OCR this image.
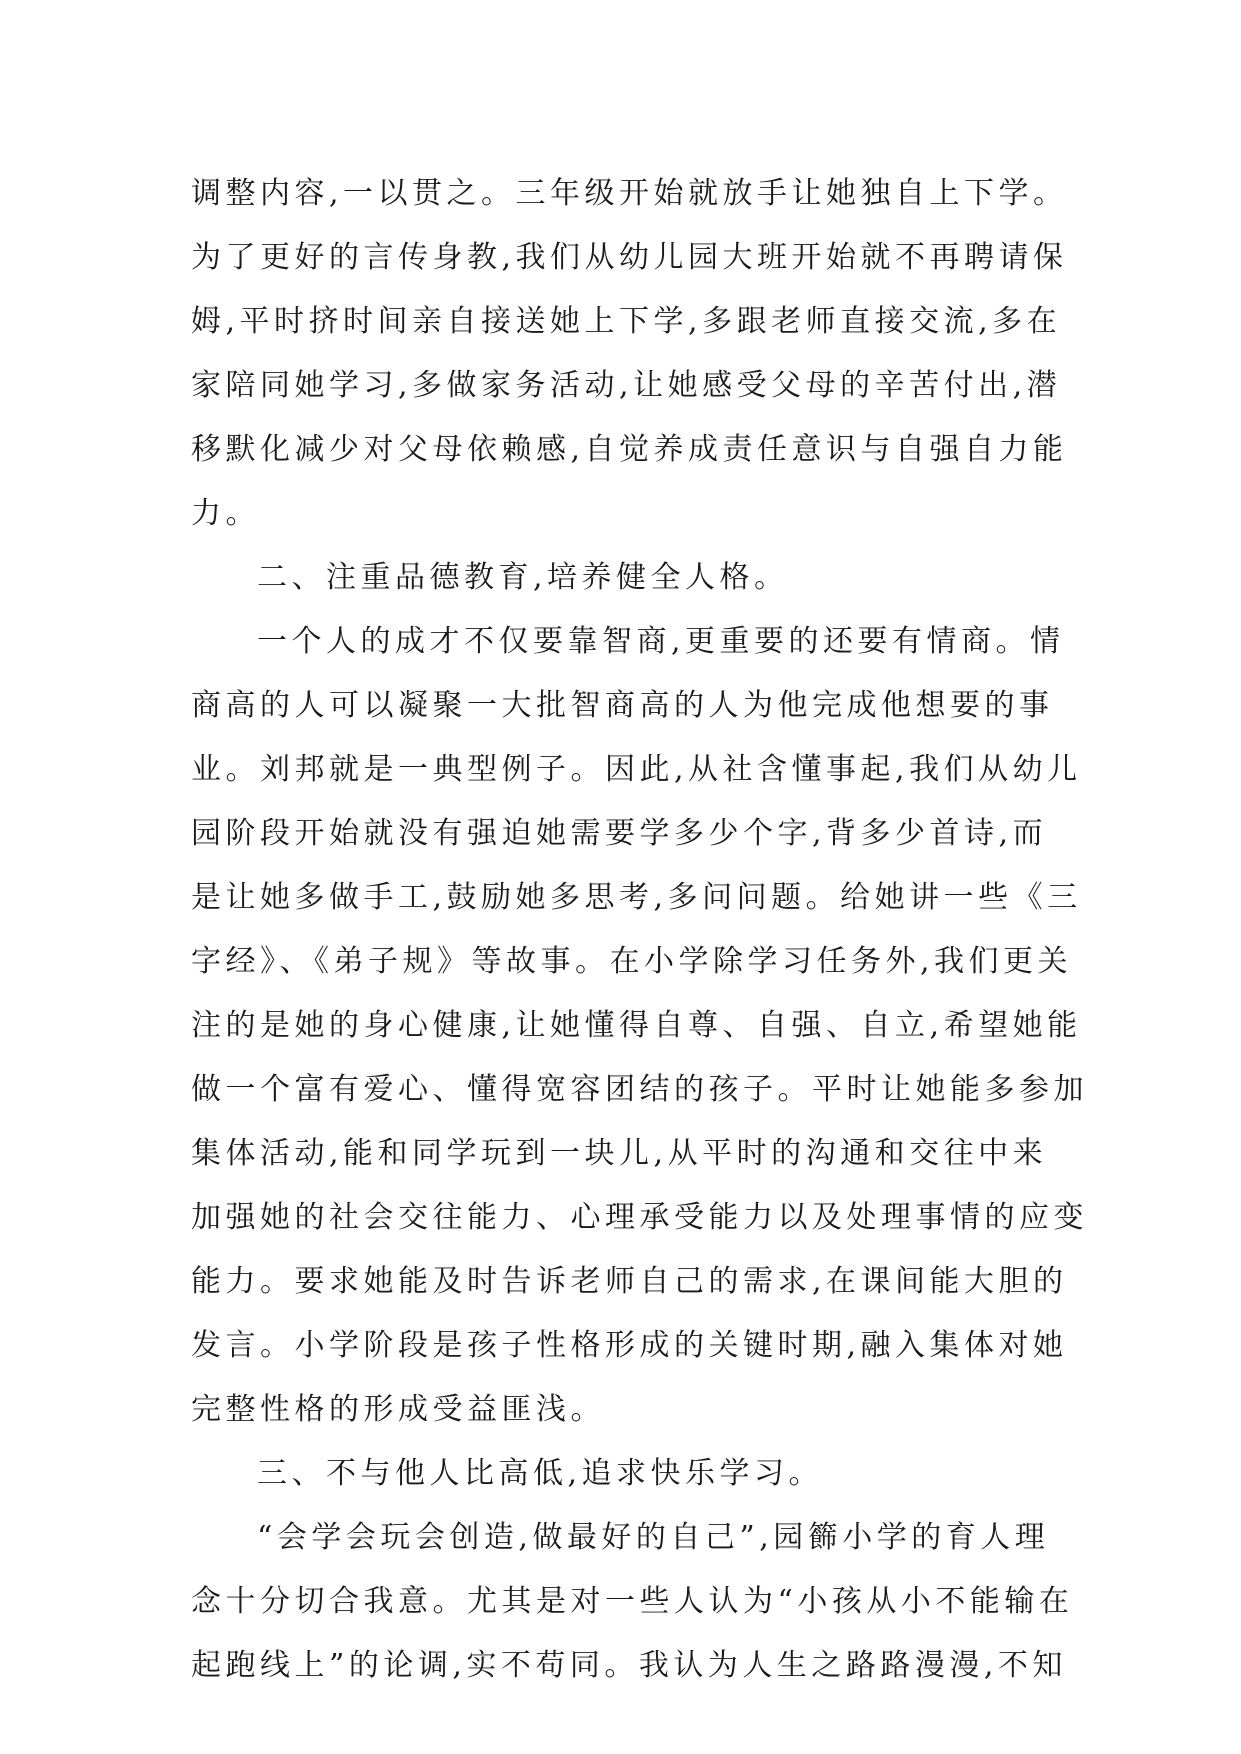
调整内容,一以贯之。三年级开始就放手让她独自上下学。
为了更好的言传身教,我们从幼儿园大班开始就不再聘请保
姆,平时挤时间亲自接送她上下学,多跟老师直接交流,多在
家陪同她学习,多做家务活动,让她感受父母的辛苦付出,潜
移默化减少对父母依赖感,自觉养成责任意识与自强自力能
力。
二、注重品德教育,培养健全人格。
一个人的成才不仅要靠智商,更重要的还要有情商。情
商高的人可以凝聚一大批智商高的人为他完成他想要的事
业。刘邦就是一典型例子。因此,从社含懂事起,我们从幼儿
园阶段开始就没有强迫她需要学多少个字,背多少首诗,而
是让她多做手工,鼓励她多思考,多问问题。给她讲一些《三
字经》、《弟子规》等故事。在小学除学习任务外,我们更关
注的是她的身心健康,让她懂得自尊、自强、自立,希望她能
做一个富有爱心、懂得宽容团结的孩子。平时让她能多参加
集体活动,能和同学玩到一块儿,从平时的沟通和交往中来
加强她的社会交往能力、心理承受能力以及处理事情的应变
能力。要求她能及时告诉老师自己的需求,在课间能大胆的
发言。小学阶段是孩子性格形成的关键时期,融入集体对她
完整性格的形成受益匪浅。
三、不与他人比高低,追求快乐学习。
“会学会玩会创造,做最好的自己”,园籂小学的育人理
念十分切合我意。尤其是对一些人认为“小孩从小不能输在
起跑线上”的论调,实不苟同。我认为人生之路路漫漫,不知
